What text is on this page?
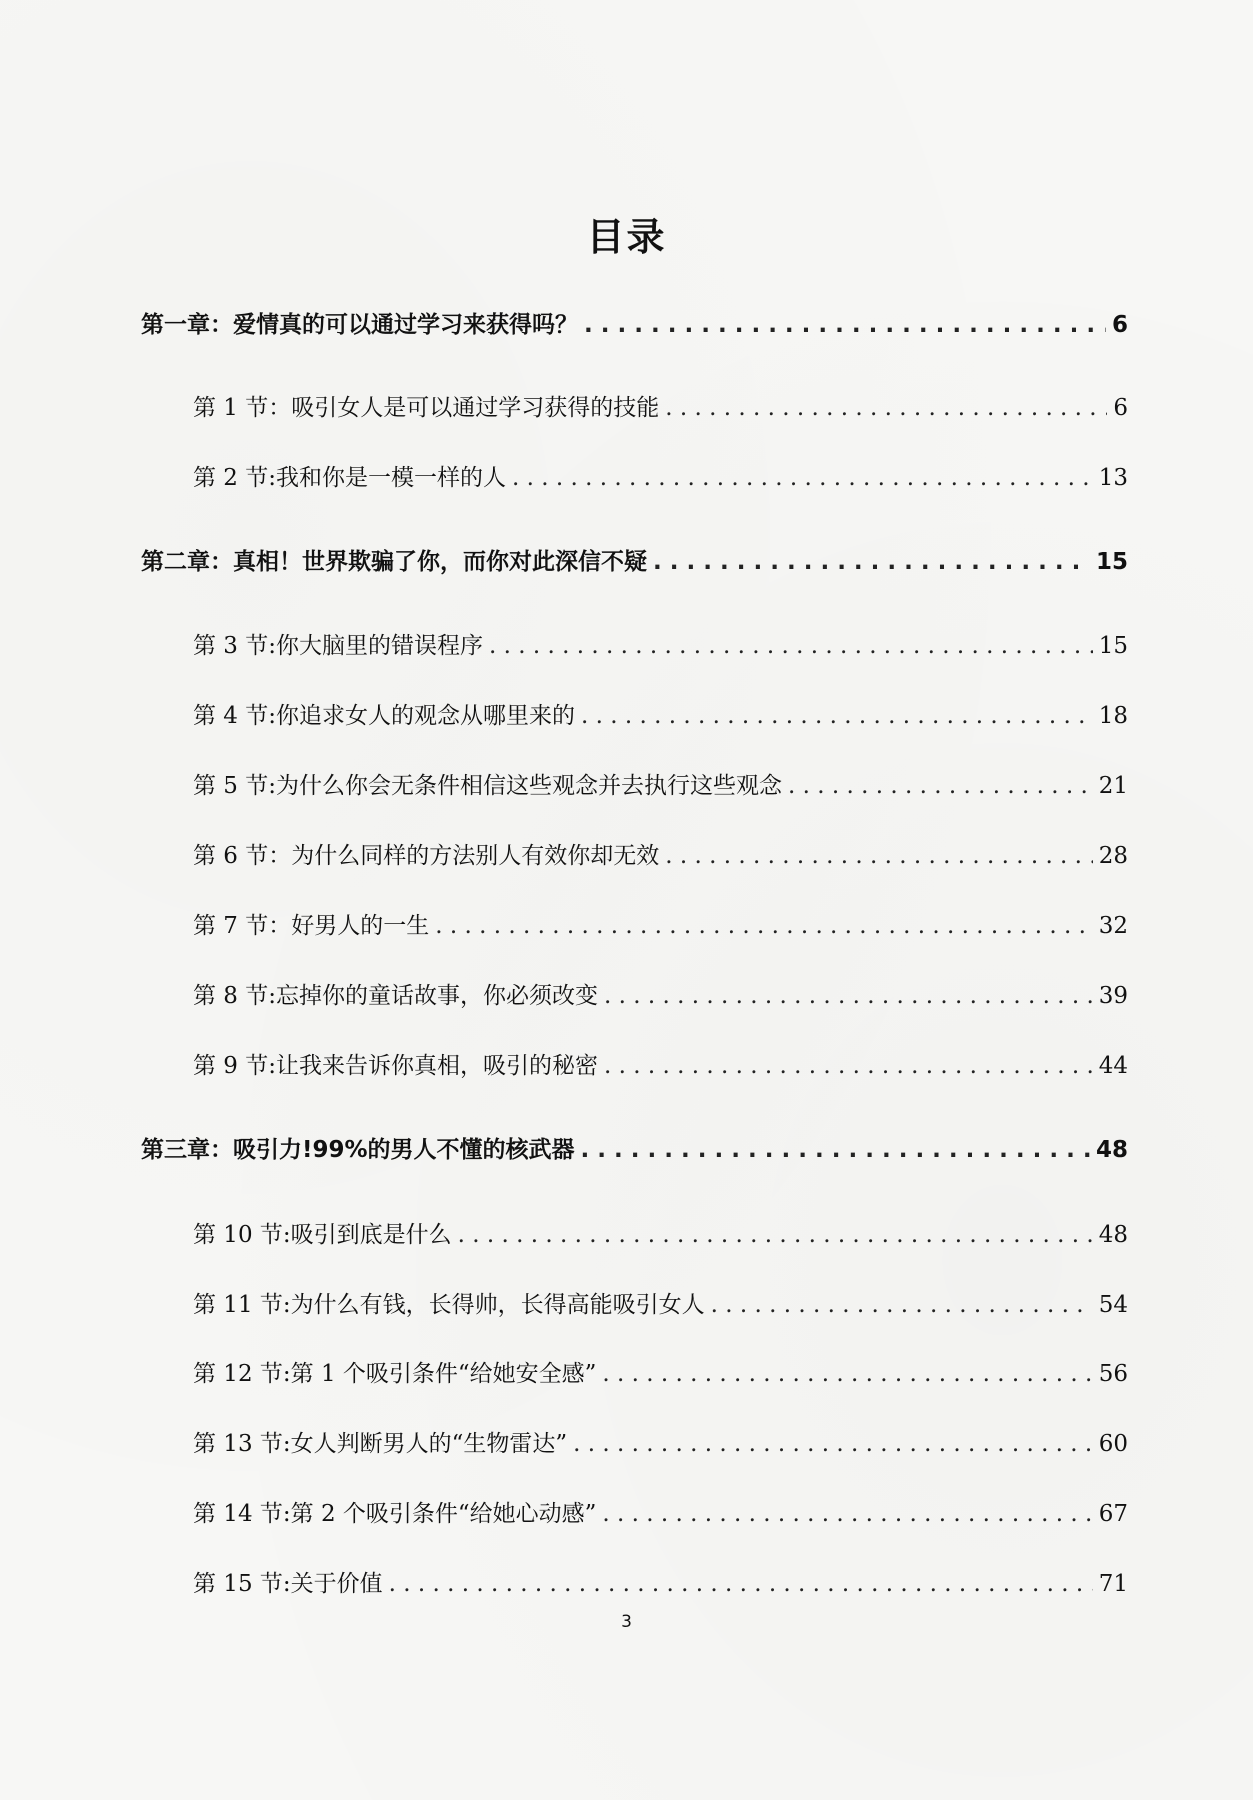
目录
第一章：爱情真的可以通过学习来获得吗？ . . .	6
第 1 节：吸引女人是可以通过学习获得的技能 . . .	6
第 2 节:我和你是一模一样的人 . . .	13
第二章：真相！世界欺骗了你，而你对此深信不疑 . . .	15
第 3 节:你大脑里的错误程序 . . .	15
第 4 节:你追求女人的观念从哪里来的 . . .	18
第 5 节:为什么你会无条件相信这些观念并去执行这些观念 . . .	21
第 6 节：为什么同样的方法别人有效你却无效 . . .	28
第 7 节：好男人的一生 . . .	32
第 8 节:忘掉你的童话故事，你必须改变 . . .	39
第 9 节:让我来告诉你真相，吸引的秘密 . . .	44
第三章：吸引力!99%的男人不懂的核武器 . . .	48
第 10 节:吸引到底是什么 . . .	48
第 11 节:为什么有钱，长得帅，长得高能吸引女人 . . .	54
第 12 节:第 1 个吸引条件“给她安全感” . . .	56
第 13 节:女人判断男人的“生物雷达” . . .	60
第 14 节:第 2 个吸引条件“给她心动感” . . .	67
第 15 节:关于价值 . . .	71
3
